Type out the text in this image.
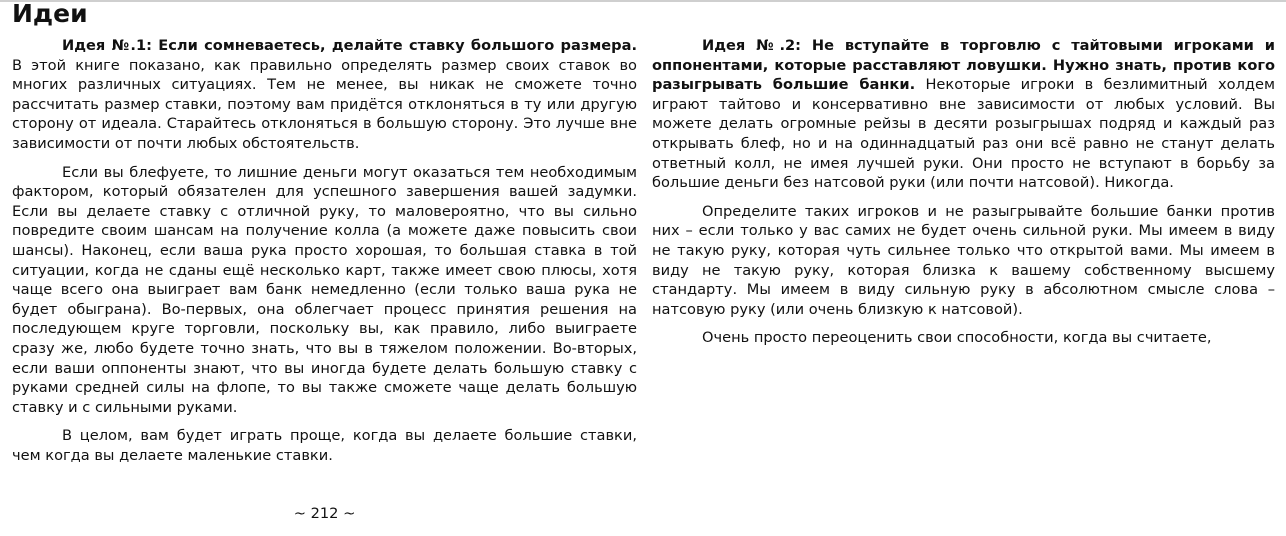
Идеи

Идея №.1: Если сомневаетесь, делайте ставку большого размера. В этой книге показано, как правильно определять размер своих ставок во многих различных ситуациях. Тем не менее, вы никак не сможете точно рассчитать размер ставки, поэтому вам придётся отклоняться в ту или другую сторону от идеала. Старайтесь отклоняться в большую сторону. Это лучше вне зависимости от почти любых обстоятельств.

Если вы блефуете, то лишние деньги могут оказаться тем необходимым фактором, который обязателен для успешного завершения вашей задумки. Если вы делаете ставку с отличной руку, то маловероятно, что вы сильно повредите своим шансам на получение колла (а можете даже повысить свои шансы). Наконец, если ваша рука просто хорошая, то большая ставка в той ситуации, когда не сданы ещё несколько карт, также имеет свою плюсы, хотя чаще всего она выиграет вам банк немедленно (если только ваша рука не будет обыграна). Во-первых, она облегчает процесс принятия решения на последующем круге торговли, поскольку вы, как правило, либо выиграете сразу же, любо будете точно знать, что вы в тяжелом положении. Во-вторых, если ваши оппоненты знают, что вы иногда будете делать большую ставку с руками средней силы на флопе, то вы также сможете чаще делать большую ставку и с сильными руками.

В целом, вам будет играть проще, когда вы делаете большие ставки, чем когда вы делаете маленькие ставки.

~ 212 ~

Идея №.2: Не вступайте в торговлю с тайтовыми игроками и оппонентами, которые расставляют ловушки. Нужно знать, против кого разыгрывать большие банки. Некоторые игроки в безлимитный холдем играют тайтово и консервативно вне зависимости от любых условий. Вы можете делать огромные рейзы в десяти розыгрышах подряд и каждый раз открывать блеф, но и на одиннадцатый раз они всё равно не станут делать ответный колл, не имея лучшей руки. Они просто не вступают в борьбу за большие деньги без натсовой руки (или почти натсовой). Никогда.

Определите таких игроков и не разыгрывайте большие банки против них – если только у вас самих не будет очень сильной руки. Мы имеем в виду не такую руку, которая чуть сильнее только что открытой вами. Мы имеем в виду не такую руку, которая близка к вашему собственному высшему стандарту. Мы имеем в виду сильную руку в абсолютном смысле слова – натсовую руку (или очень близкую к натсовой).

Очень просто переоценить свои способности, когда вы считаете,
